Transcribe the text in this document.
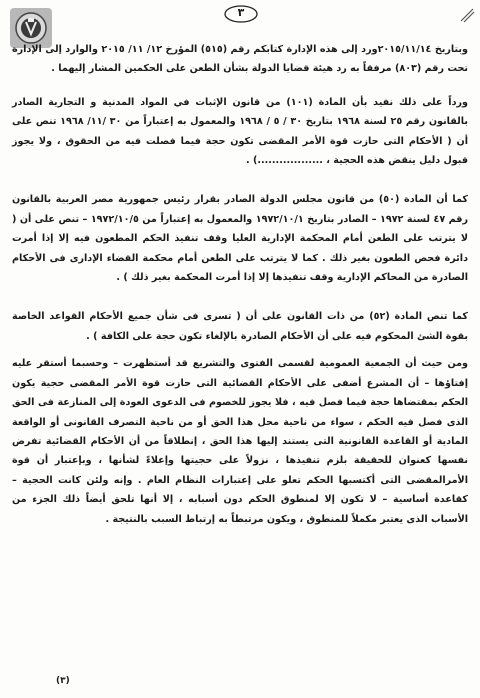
٣

وبتاريخ ٢٠١٥/١١/١٤ورد إلى هذه الإدارة كتابكم رقم (٥١٥) المؤرخ ١٢/ ١١/ ٢٠١٥ والوارد إلى الإدارة تحت رقم (٨٠٣) مرفقاً به رد هيئة قضايا الدولة بشأن الطعن على الحكمين المشار إليهما .

ورداً على ذلك نفيد بأن المادة (١٠١) من قانون الإثبات في المواد المدنية و التجارية الصادر بالقانون رقم ٢٥ لسنة ١٩٦٨ بتاريخ ٣٠ / ٥ / ١٩٦٨ والمعمول به إعتباراً من ٣٠ /١١/ ١٩٦٨ تنص على أن ( الأحكام التى حازت قوة الأمر المقضى تكون حجة فيما فصلت فيه من الحقوق ، ولا يجوز قبول دليل ينقض هذه الحجية ، ..................) .

كما أن المادة (٥٠) من قانون مجلس الدولة الصادر بقرار رئيس جمهورية مصر العربية بالقانون رقم ٤٧ لسنة ١٩٧٢ – الصادر بتاريخ ١٩٧٢/١٠/١ والمعمول به إعتباراً من ١٩٧٢/١٠/٥ – تنص على أن ( لا يترتب على الطعن أمام المحكمة الإدارية العليا وقف تنفيذ الحكم المطعون فيه إلا إذا أمرت دائرة فحص الطعون بغير ذلك . كما لا يترتب على الطعن أمام محكمة القضاء الإدارى فى الأحكام الصادرة من المحاكم الإدارية وقف تنفيذها إلا إذا أمرت المحكمة بغير ذلك ) .

كما تنص المادة (٥٢) من ذات القانون على أن ( تسرى فى شأن جميع الأحكام القواعد الخاصة بقوة الشئ المحكوم فيه على أن الأحكام الصادرة بالإلغاء تكون حجة على الكافة ) .

ومن حيث أن الجمعية العمومية لقسمى الفتوى والتشريع قد أستظهرت – وحسبما أستقر عليه إفتاؤها – أن المشرع أضفى على الأحكام القضائية التى حازت قوة الأمر المقضى حجية يكون الحكم بمقتضاها حجة فيما فصل فيه ، فلا يجوز للخصوم فى الدعوى العودة إلى المنازعة فى الحق الذى فصل فيه الحكم ، سواء من ناحية محل هذا الحق أو من ناحية التصرف القانونى أو الواقعة المادية أو القاعدة القانونية التى يستند إليها هذا الحق ، إنطلاقاً من أن الأحكام القضائية تفرض نفسها كعنوان للحقيقة بلزم تنفيذها ، نزولاً على حجيتها وإعلاءً لشأنها ، وبإعتبار أن قوة الأمرالمقضى التى أكتسبها الحكم تعلو على إعتبارات النظام العام . وإنه ولئن كانت الحجية – كقاعدة أساسية – لا تكون إلا لمنطوق الحكم دون أسبابه ، إلا أنها تلحق أيضاً ذلك الجزء من الأسباب الذى يعتبر مكملاً للمنطوق ، ويكون مرتبطاً به إرتباط السبب بالنتيجة .

(٣)
